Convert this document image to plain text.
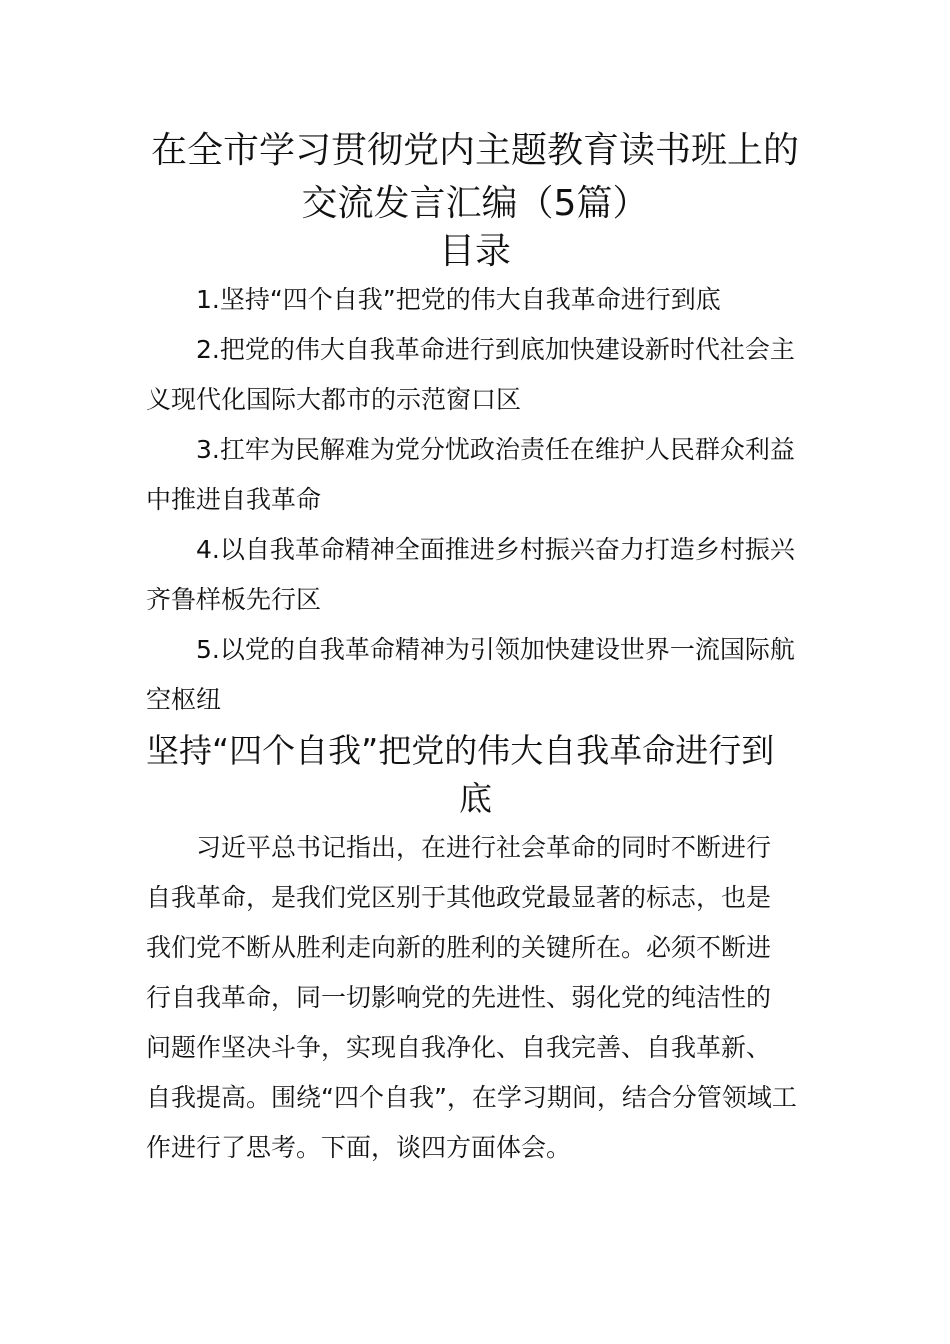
在全市学习贯彻党内主题教育读书班上的
交流发言汇编（5篇）
目录

1.坚持“四个自我”把党的伟大自我革命进行到底

2.把党的伟大自我革命进行到底加快建设新时代社会主

义现代化国际大都市的示范窗口区

3.扛牢为民解难为党分忧政治责任在维护人民群众利益

中推进自我革命

4.以自我革命精神全面推进乡村振兴奋力打造乡村振兴

齐鲁样板先行区

5.以党的自我革命精神为引领加快建设世界一流国际航

空枢纽

坚持“四个自我”把党的伟大自我革命进行到
底

习近平总书记指出，在进行社会革命的同时不断进行

自我革命，是我们党区别于其他政党最显著的标志，也是

我们党不断从胜利走向新的胜利的关键所在。必须不断进

行自我革命，同一切影响党的先进性、弱化党的纯洁性的

问题作坚决斗争，实现自我净化、自我完善、自我革新、

自我提高。围绕“四个自我”，在学习期间，结合分管领域工

作进行了思考。下面，谈四方面体会。
